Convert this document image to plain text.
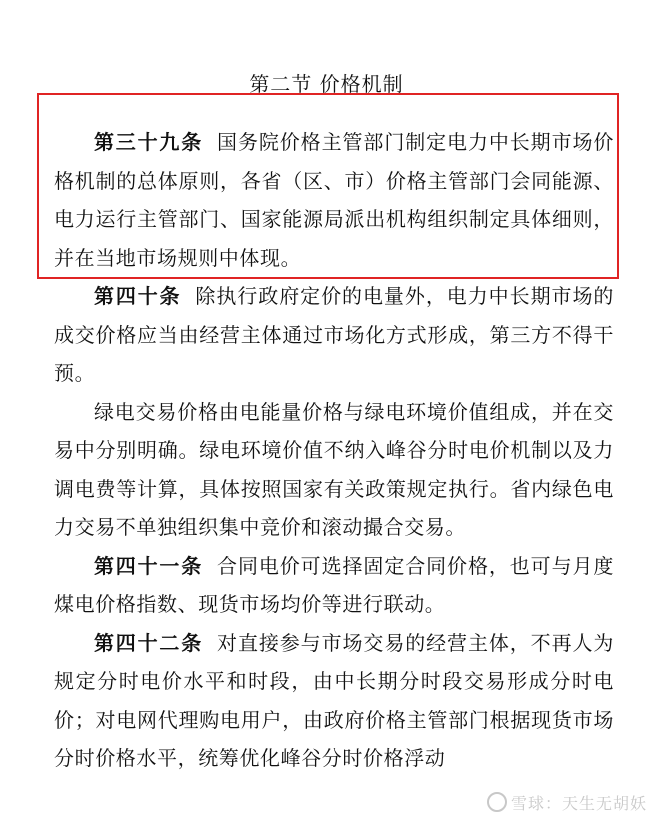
第二节 价格机制

第三十九条 国务院价格主管部门制定电力中长期市场价格机制的总体原则，各省（区、市）价格主管部门会同能源、电力运行主管部门、国家能源局派出机构组织制定具体细则，并在当地市场规则中体现。

第四十条 除执行政府定价的电量外，电力中长期市场的成交价格应当由经营主体通过市场化方式形成，第三方不得干预。

绿电交易价格由电能量价格与绿电环境价值组成，并在交易中分别明确。绿电环境价值不纳入峰谷分时电价机制以及力调电费等计算，具体按照国家有关政策规定执行。省内绿色电力交易不单独组织集中竞价和滚动撮合交易。

第四十一条 合同电价可选择固定合同价格，也可与月度煤电价格指数、现货市场均价等进行联动。

第四十二条 对直接参与市场交易的经营主体，不再人为规定分时电价水平和时段，由中长期分时段交易形成分时电价；对电网代理购电用户，由政府价格主管部门根据现货市场分时价格水平，统筹优化峰谷分时价格浮动

雪球：天生无胡妖
